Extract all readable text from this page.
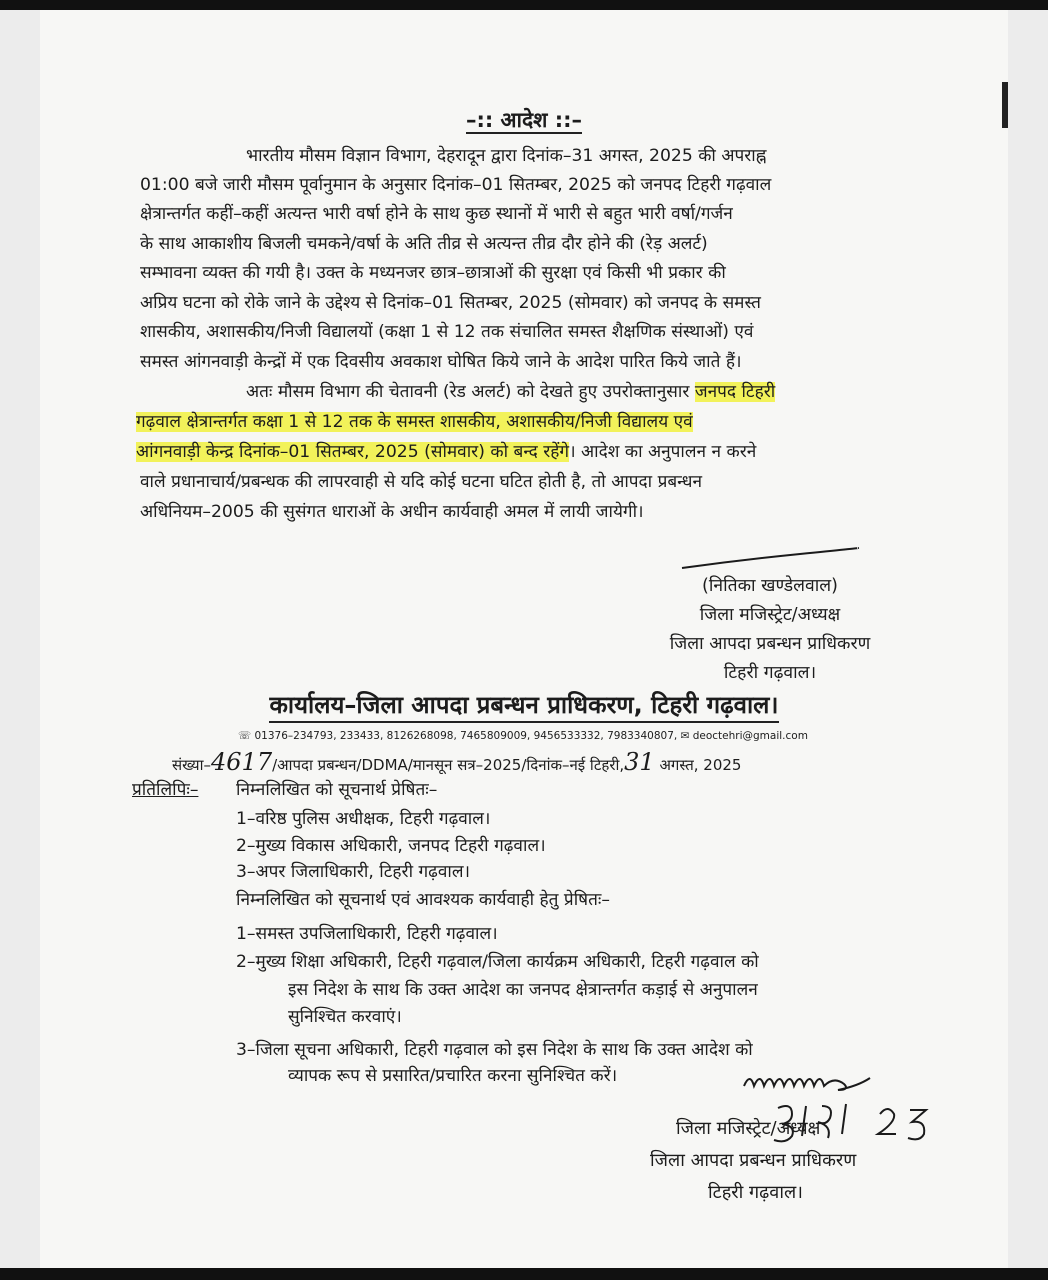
–:: आदेश ::–
भारतीय मौसम विज्ञान विभाग, देहरादून द्वारा दिनांक–31 अगस्त, 2025 की अपराह्न
01:00 बजे जारी मौसम पूर्वानुमान के अनुसार दिनांक–01 सितम्बर, 2025 को जनपद टिहरी गढ़वाल
क्षेत्रान्तर्गत कहीं–कहीं अत्यन्त भारी वर्षा होने के साथ कुछ स्थानों में भारी से बहुत भारी वर्षा/गर्जन
के साथ आकाशीय बिजली चमकने/वर्षा के अति तीव्र से अत्यन्त तीव्र दौर होने की (रेड़ अलर्ट)
सम्भावना व्यक्त की गयी है। उक्त के मध्यनजर छात्र–छात्राओं की सुरक्षा एवं किसी भी प्रकार की
अप्रिय घटना को रोके जाने के उद्देश्य से दिनांक–01 सितम्बर, 2025 (सोमवार) को जनपद के समस्त
शासकीय, अशासकीय/निजी विद्यालयों (कक्षा 1 से 12 तक संचालित समस्त शैक्षणिक संस्थाओं) एवं
समस्त आंगनवाड़ी केन्द्रों में एक दिवसीय अवकाश घोषित किये जाने के आदेश पारित किये जाते हैं।
अतः मौसम विभाग की चेतावनी (रेड अलर्ट) को देखते हुए उपरोक्तानुसार जनपद टिहरी
गढ़वाल क्षेत्रान्तर्गत कक्षा 1 से 12 तक के समस्त शासकीय, अशासकीय/निजी विद्यालय एवं
आंगनवाड़ी केन्द्र दिनांक–01 सितम्बर, 2025 (सोमवार) को बन्द रहेंगे। आदेश का अनुपालन न करने
वाले प्रधानाचार्य/प्रबन्धक की लापरवाही से यदि कोई घटना घटित होती है, तो आपदा प्रबन्धन
अधिनियम–2005 की सुसंगत धाराओं के अधीन कार्यवाही अमल में लायी जायेगी।
(नितिका खण्डेलवाल)
जिला मजिस्ट्रेट/अध्यक्ष
जिला आपदा प्रबन्धन प्राधिकरण
टिहरी गढ़वाल।
कार्यालय–जिला आपदा प्रबन्धन प्राधिकरण, टिहरी गढ़वाल।
☏ 01376–234793, 233433, 8126268098, 7465809009, 9456533332, 7983340807, ✉ deoctehri@gmail.com
संख्या–4617/आपदा प्रबन्धन/DDMA/मानसून सत्र–2025/दिनांक–नई टिहरी,31 अगस्त, 2025
प्रतिलिपिः– निम्नलिखित को सूचनार्थ प्रेषितः–
1–वरिष्ठ पुलिस अधीक्षक, टिहरी गढ़वाल।
2–मुख्य विकास अधिकारी, जनपद टिहरी गढ़वाल।
3–अपर जिलाधिकारी, टिहरी गढ़वाल।
निम्नलिखित को सूचनार्थ एवं आवश्यक कार्यवाही हेतु प्रेषितः–
1–समस्त उपजिलाधिकारी, टिहरी गढ़वाल।
2–मुख्य शिक्षा अधिकारी, टिहरी गढ़वाल/जिला कार्यक्रम अधिकारी, टिहरी गढ़वाल को
इस निदेश के साथ कि उक्त आदेश का जनपद क्षेत्रान्तर्गत कड़ाई से अनुपालन
सुनिश्चित करवाएं।
3–जिला सूचना अधिकारी, टिहरी गढ़वाल को इस निदेश के साथ कि उक्त आदेश को
व्यापक रूप से प्रसारित/प्रचारित करना सुनिश्चित करें।
जिला मजिस्ट्रेट/अध्यक्ष
जिला आपदा प्रबन्धन प्राधिकरण
टिहरी गढ़वाल।
